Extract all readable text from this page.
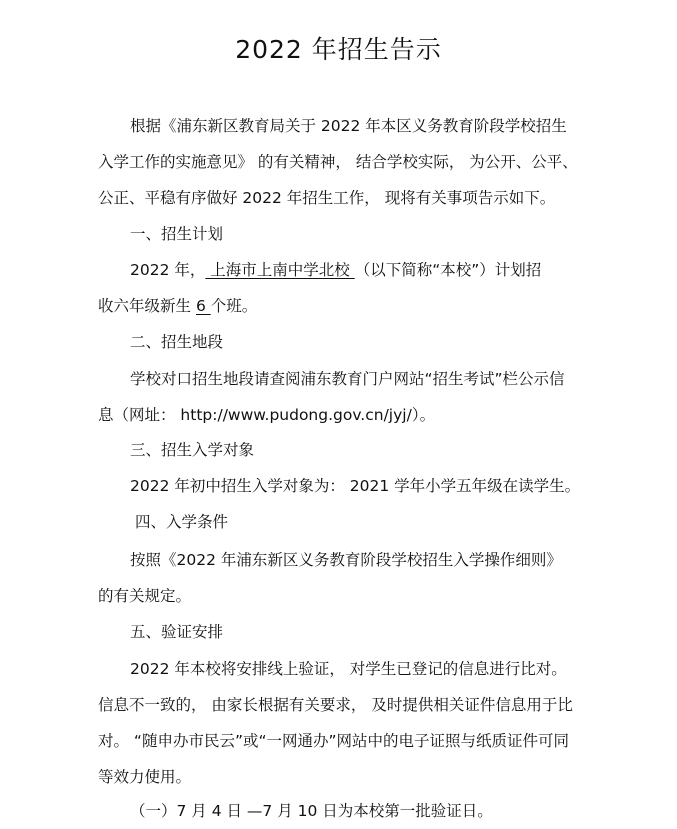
2022 年招生告示
根据《浦东新区教育局关于 2022 年本区义务教育阶段学校招生
入学工作的实施意见》 的有关精神， 结合学校实际， 为公开、公平、
公正、平稳有序做好 2022 年招生工作， 现将有关事项告示如下。
一、招生计划
2022 年， 上海市上南中学北校 （以下简称“本校”）计划招
收六年级新生 6 个班。
二、招生地段
学校对口招生地段请查阅浦东教育门户网站“招生考试”栏公示信
息（网址： http://www.pudong.gov.cn/jyj/）。
三、招生入学对象
2022 年初中招生入学对象为： 2021 学年小学五年级在读学生。
四、入学条件
按照《2022 年浦东新区义务教育阶段学校招生入学操作细则》
的有关规定。
五、验证安排
2022 年本校将安排线上验证， 对学生已登记的信息进行比对。
信息不一致的， 由家长根据有关要求， 及时提供相关证件信息用于比
对。 “随申办市民云”或“一网通办”网站中的电子证照与纸质证件可同
等效力使用。
（一）7 月 4 日 —7 月 10 日为本校第一批验证日。
